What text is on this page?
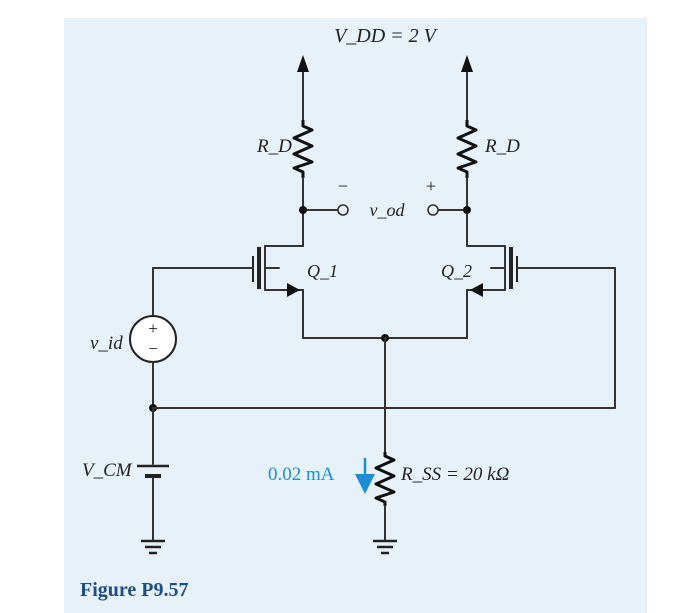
V_DD = 2 V
R_D	R_D
−
v_od
+
Q_1	Q_2
+
−
v_id
V_CM	0.02 mA	R_SS = 20 kΩ
Figure P9.57
